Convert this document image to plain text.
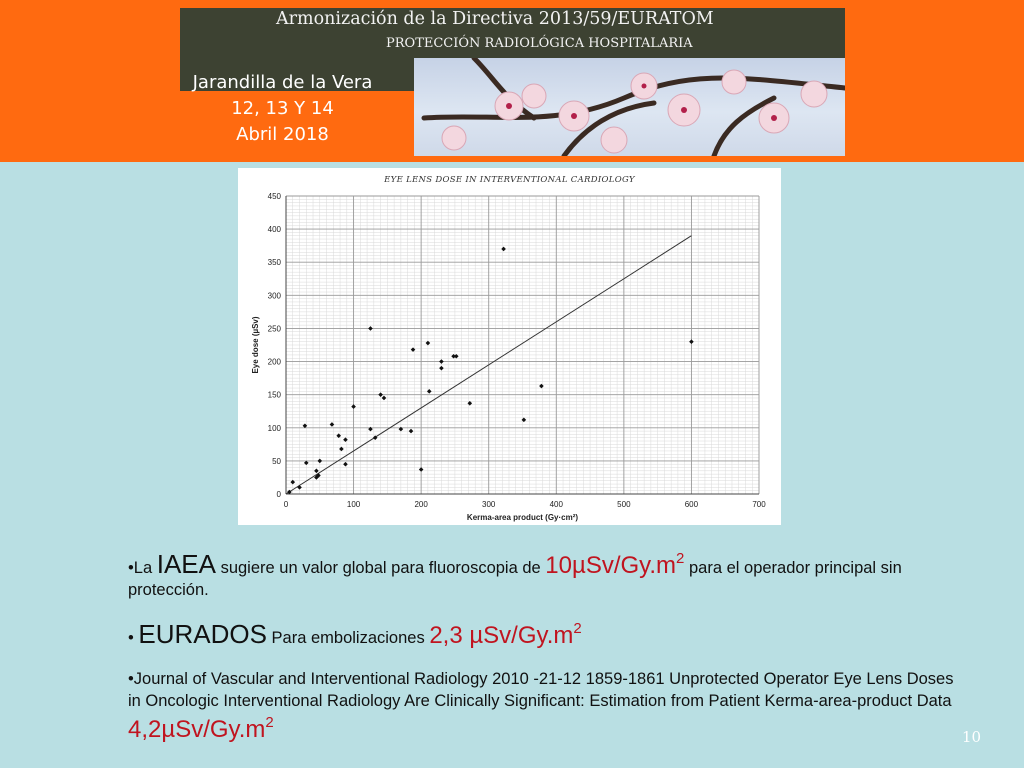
Armonización de la Directiva 2013/59/EURATOM
PROTECCIÓN RADIOLÓGICA HOSPITALARIA
Jarandilla de la Vera
12, 13 Y 14
Abril 2018
EYE LENS DOSE IN INTERVENTIONAL CARDIOLOGY
0	100	200	300	400	500	600	700
0
50
100
150
200
250
300
350
400
450
Kerma-area product (Gy·cm²)
Eye dose (µSv)

•La IAEA sugiere un valor global para fluoroscopia de $10\mu Sv/Gy.m^2$ para el operador principal sin protección.

• EURADOS Para embolizaciones 2,3 µSv/$Gy.m^2$

•Journal of Vascular and Interventional Radiology 2010 -21-12 1859-1861 Unprotected Operator Eye Lens Doses in Oncologic Interventional Radiology Are Clinically Significant: Estimation from Patient Kerma-area-product Data $4,2\mu Sv/Gy.m^2$

10
